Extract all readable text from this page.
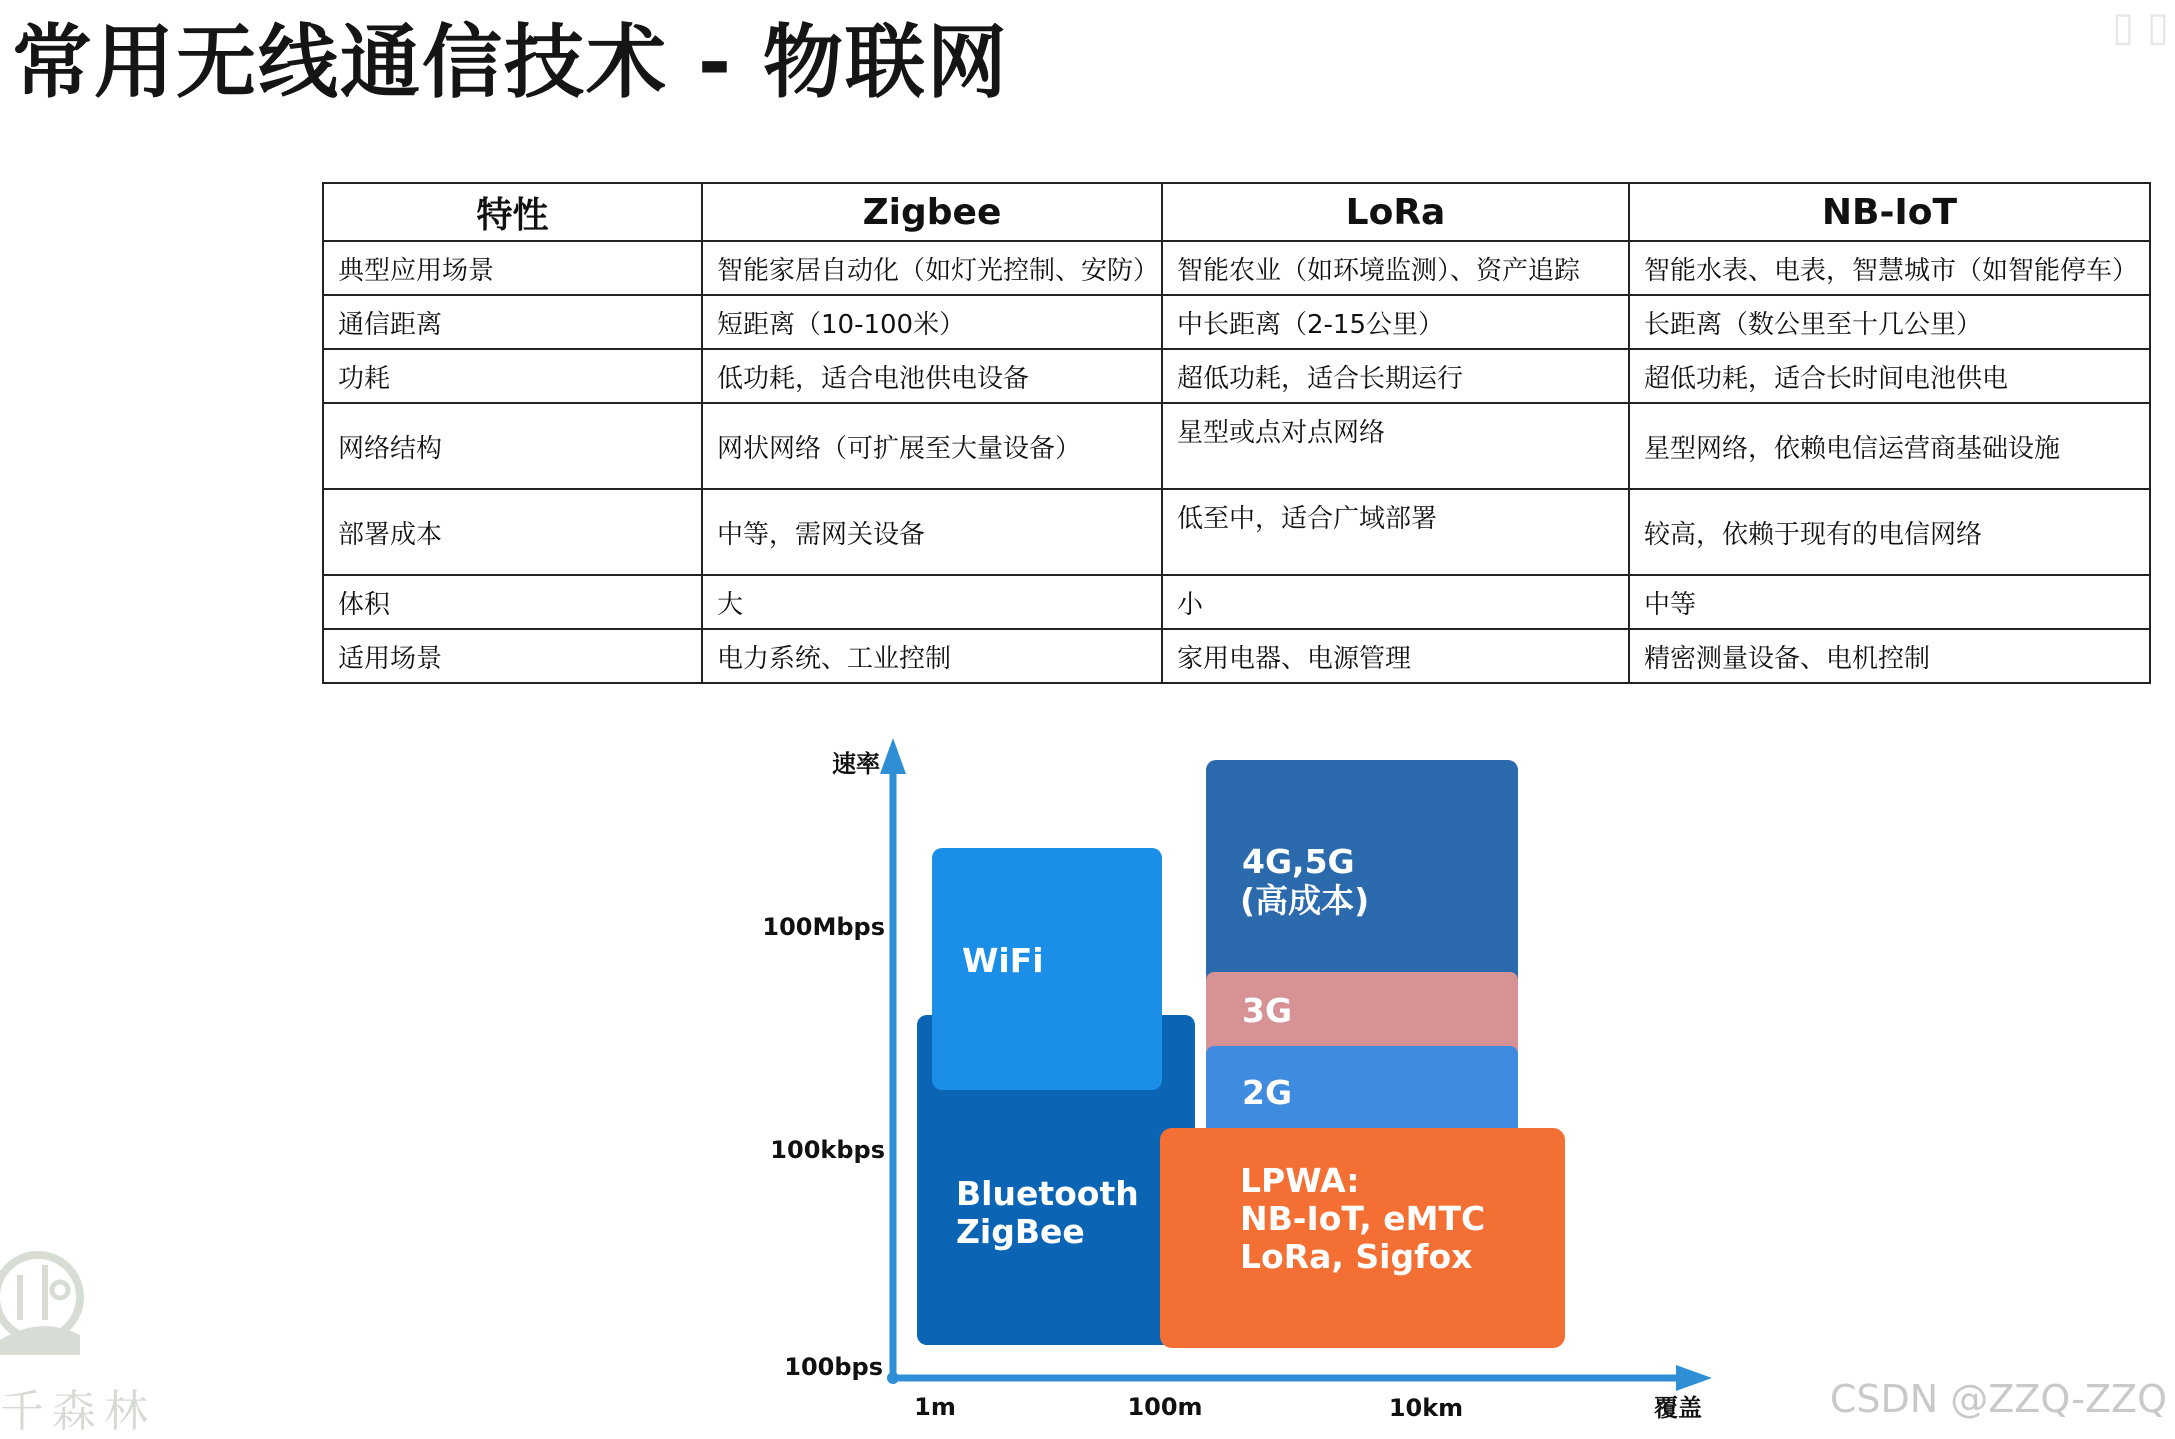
常用无线通信技术 - 物联网	▯ ▯
特性	Zigbee	LoRa	NB-IoT
典型应用场景	智能家居自动化（如灯光控制、安防）	智能农业（如环境监测）、资产追踪	智能水表、电表，智慧城市（如智能停车）
通信距离	短距离（10-100米）	中长距离（2-15公里）	长距离（数公里至十几公里）
功耗	低功耗，适合电池供电设备	超低功耗，适合长期运行	超低功耗，适合长时间电池供电
网络结构	网状网络（可扩展至大量设备）	星型或点对点网络	星型网络，依赖电信运营商基础设施
部署成本	中等，需网关设备	低至中，适合广域部署	较高，依赖于现有的电信网络
体积	大	小	中等
适用场景	电力系统、工业控制	家用电器、电源管理	精密测量设备、电机控制
速率
覆盖
100Mbps
100kbps
100bps
1m	100m	10km
WiFi
Bluetooth
ZigBee
4G,5G
(高成本)
3G
2G
LPWA:
NB-IoT, eMTC
LoRa, Sigfox
千森林	CSDN @ZZQ-ZZQ
